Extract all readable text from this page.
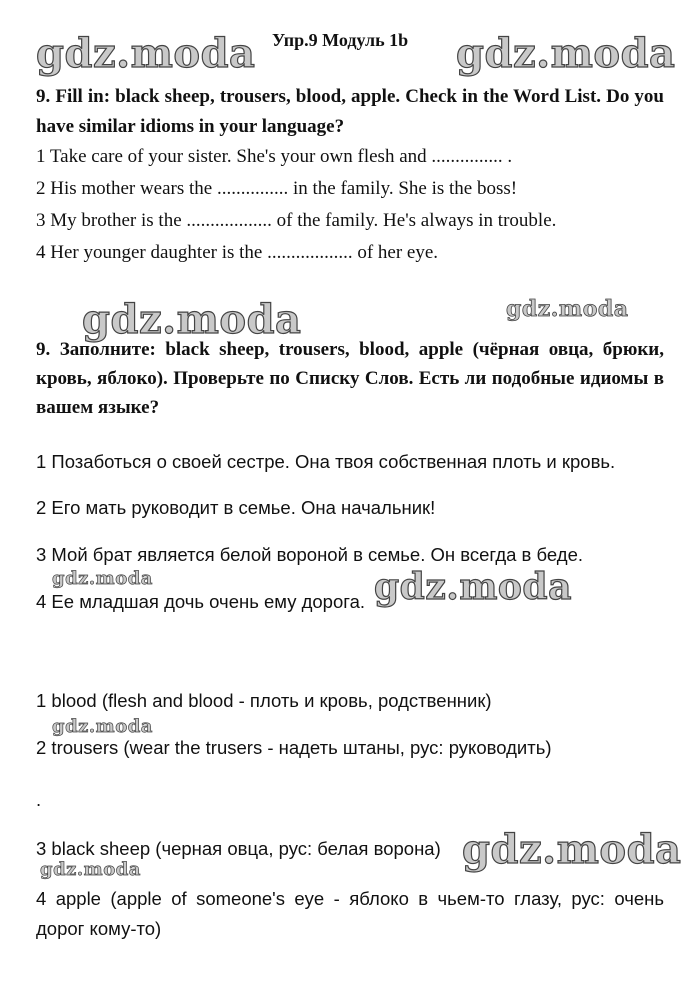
Упр.9 Модуль 1b
gdz.moda	gdz.moda
gdz.moda	gdz.moda
gdz.moda	gdz.moda
gdz.moda
gdz.moda
gdz.moda
9. Fill in: black sheep, trousers, blood, apple. Check in the Word List. Do you have similar idioms in your language?
1 Take care of your sister. She's your own flesh and ............... .
2 His mother wears the ............... in the family. She is the boss!
3 My brother is the .................. of the family. He's always in trouble.
4 Her younger daughter is the .................. of her eye.
9. Заполните: black sheep, trousers, blood, apple (чёрная овца, брюки, кровь, яблоко). Проверьте по Списку Слов. Есть ли подобные идиомы в вашем языке?
1 Позаботься о своей сестре. Она твоя собственная плоть и кровь.
2 Его мать руководит в семье. Она начальник!
3 Мой брат является белой вороной в семье. Он всегда в беде.
4 Ее младшая дочь очень ему дорога.
1 blood (flesh and blood - плоть и кровь, родственник)
2 trousers (wear the trusers - надеть штаны, рус: руководить)
.
3 black sheep (черная овца, рус: белая ворона)
4 apple (apple of someone's eye - яблоко в чьем-то глазу, рус: очень дорог кому-то)
